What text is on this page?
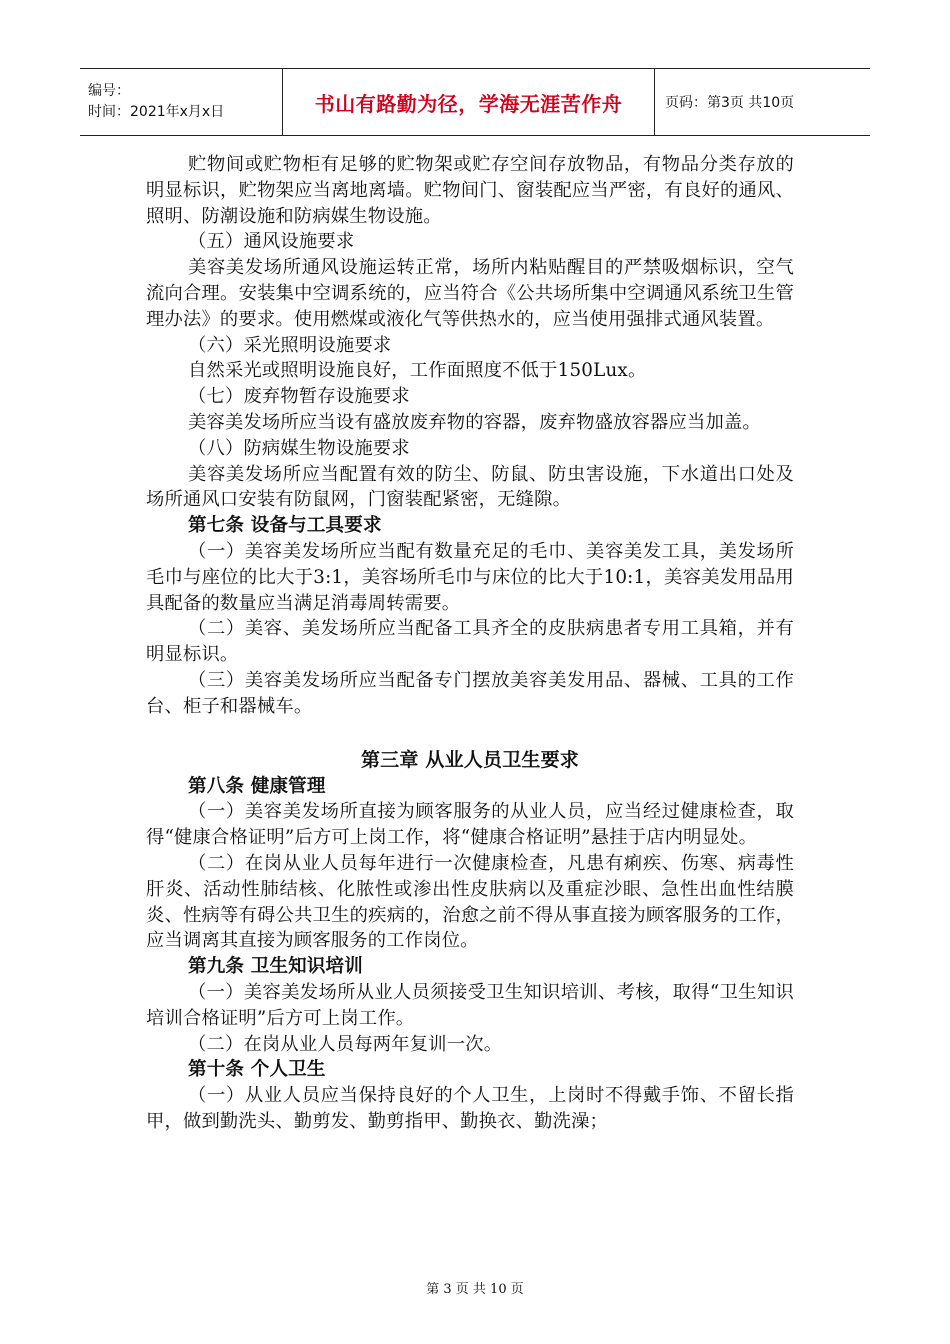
编号：
时间：2021年x月x日	书山有路勤为径，学海无涯苦作舟	页码：第3页 共10页

贮物间或贮物柜有足够的贮物架或贮存空间存放物品，有物品分类存放的明显标识，贮物架应当离地离墙。贮物间门、窗装配应当严密，有良好的通风、照明、防潮设施和防病媒生物设施。

（五）通风设施要求

美容美发场所通风设施运转正常，场所内粘贴醒目的严禁吸烟标识，空气流向合理。安装集中空调系统的，应当符合《公共场所集中空调通风系统卫生管理办法》的要求。使用燃煤或液化气等供热水的，应当使用强排式通风装置。

（六）采光照明设施要求

自然采光或照明设施良好，工作面照度不低于150Lux。

（七）废弃物暂存设施要求

美容美发场所应当设有盛放废弃物的容器，废弃物盛放容器应当加盖。

（八）防病媒生物设施要求

美容美发场所应当配置有效的防尘、防鼠、防虫害设施，下水道出口处及场所通风口安装有防鼠网，门窗装配紧密，无缝隙。

第七条 设备与工具要求

（一）美容美发场所应当配有数量充足的毛巾、美容美发工具，美发场所毛巾与座位的比大于3:1，美容场所毛巾与床位的比大于10:1，美容美发用品用具配备的数量应当满足消毒周转需要。

（二）美容、美发场所应当配备工具齐全的皮肤病患者专用工具箱，并有明显标识。

（三）美容美发场所应当配备专门摆放美容美发用品、器械、工具的工作台、柜子和器械车。

第三章 从业人员卫生要求

第八条 健康管理

（一）美容美发场所直接为顾客服务的从业人员，应当经过健康检查，取得“健康合格证明”后方可上岗工作，将“健康合格证明”悬挂于店内明显处。

（二）在岗从业人员每年进行一次健康检查，凡患有痢疾、伤寒、病毒性肝炎、活动性肺结核、化脓性或渗出性皮肤病以及重症沙眼、急性出血性结膜炎、性病等有碍公共卫生的疾病的，治愈之前不得从事直接为顾客服务的工作，应当调离其直接为顾客服务的工作岗位。

第九条 卫生知识培训

（一）美容美发场所从业人员须接受卫生知识培训、考核，取得“卫生知识培训合格证明”后方可上岗工作。

（二）在岗从业人员每两年复训一次。

第十条 个人卫生

（一）从业人员应当保持良好的个人卫生，上岗时不得戴手饰、不留长指甲，做到勤洗头、勤剪发、勤剪指甲、勤换衣、勤洗澡；

第 3 页 共 10 页
